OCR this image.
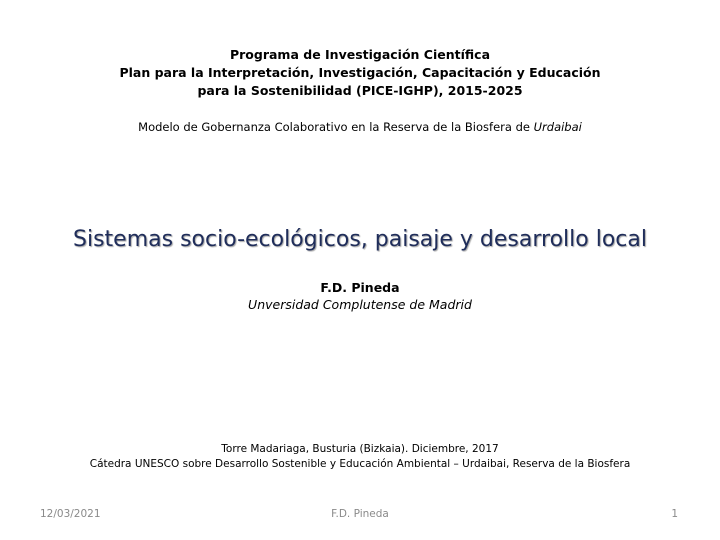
Programa de Investigación Científica
Plan para la Interpretación, Investigación, Capacitación y Educación
para la Sostenibilidad (PICE-IGHP), 2015-2025
Modelo de Gobernanza Colaborativo en la Reserva de la Biosfera de Urdaibai
Sistemas socio-ecológicos, paisaje y desarrollo local
F.D. Pineda
Unversidad Complutense de Madrid
Torre Madariaga, Busturia (Bizkaia). Diciembre, 2017
Cátedra UNESCO sobre Desarrollo Sostenible y Educación Ambiental – Urdaibai, Reserva de la Biosfera
12/03/2021	F.D. Pineda	1
